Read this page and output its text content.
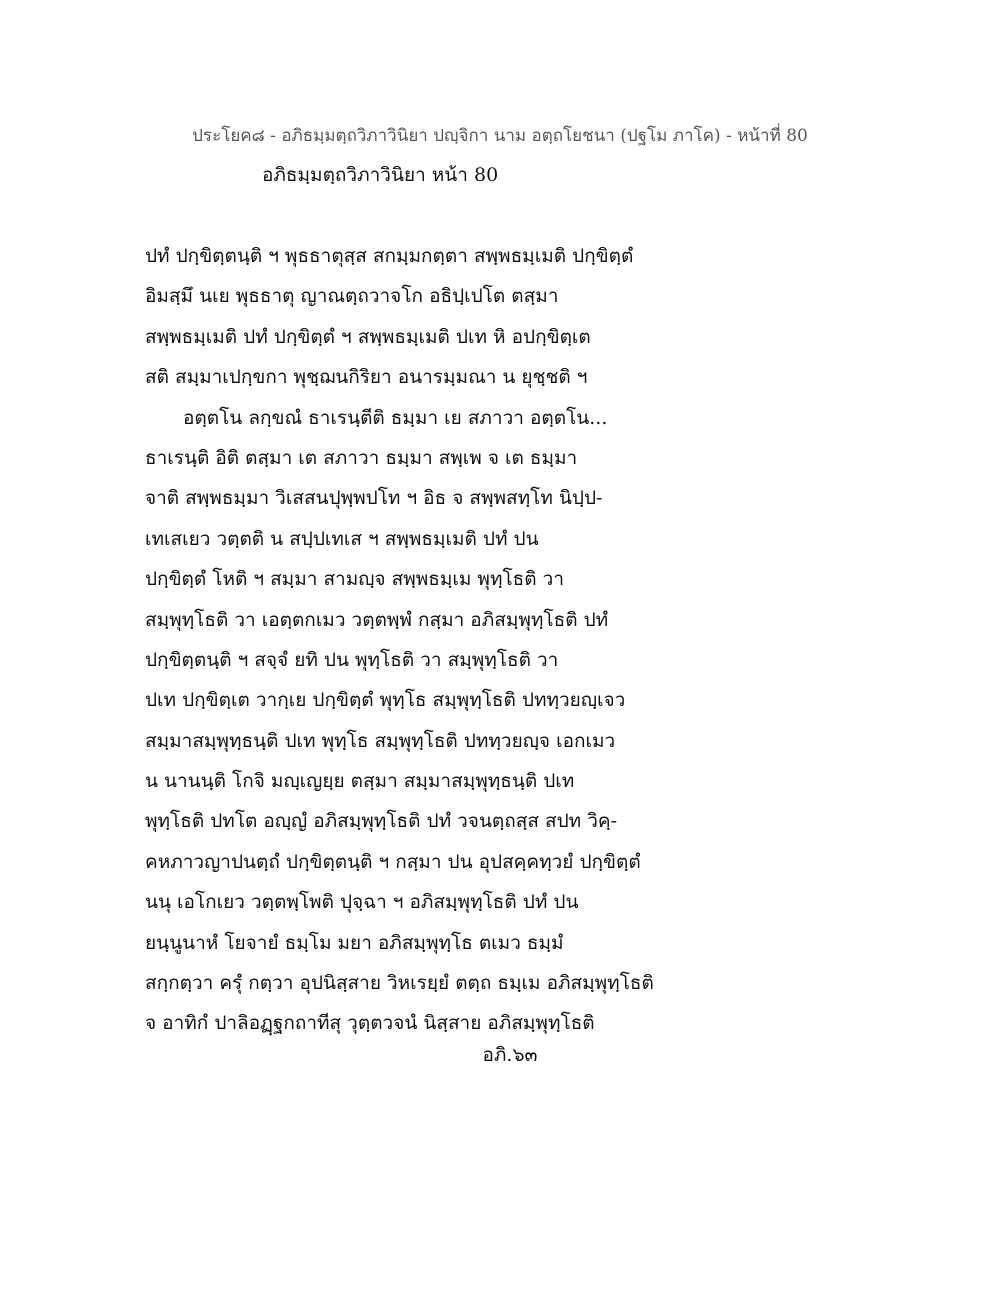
ประโยค๘ - อภิธมฺมตฺถวิภาวินิยา ปญฺจิกา นาม อตฺถโยชนา (ปฐโม ภาโค) - หน้าที่ 80
อภิธมฺมตฺถวิภาวินิยา หน้า 80
ปทํ ปกฺขิตฺตนฺติ ฯ พุธธาตุสฺส สกมฺมกตฺตา สพฺพธมฺเมติ ปกฺขิตฺตํ
อิมสฺมึ นเย พุธธาตุ ญาณตฺถวาจโก อธิปฺเปโต ตสฺมา
สพฺพธมฺเมติ ปทํ ปกฺขิตฺตํ ฯ สพฺพธมฺเมติ ปเท หิ อปกฺขิตฺเต
สติ สมฺมาเปกฺขกา พุชฺฌนกิริยา อนารมฺมณา น ยุชฺชติ ฯ
อตฺตโน ลกฺขณํ ธาเรนฺตีติ ธมฺมา เย สภาวา อตฺตโน...
ธาเรนฺติ อิติ ตสฺมา เต สภาวา ธมฺมา สพฺเพ จ เต ธมฺมา
จาติ สพฺพธมฺมา วิเสสนปุพฺพปโท ฯ อิธ จ สพฺพสทฺโท นิปฺป-
เทเสเยว วตฺตติ น สปฺปเทเส ฯ สพฺพธมฺเมติ ปทํ ปน
ปกฺขิตฺตํ โหติ ฯ สมฺมา สามญฺจ สพฺพธมฺเม พุทฺโธติ วา
สมฺพุทฺโธติ วา เอตฺตกเมว วตฺตพฺพํ กสฺมา อภิสมฺพุทฺโธติ ปทํ
ปกฺขิตฺตนฺติ ฯ สจฺจํ ยทิ ปน พุทฺโธติ วา สมฺพุทฺโธติ วา
ปเท ปกฺขิตฺเต วากฺเย ปกฺขิตฺตํ พุทฺโธ สมฺพุทฺโธติ ปททฺวยญฺเจว
สมฺมาสมฺพุทฺธนฺติ ปเท พุทฺโธ สมฺพุทฺโธติ ปททฺวยญฺจ เอกเมว
น นานนฺติ โกจิ มญฺเญยฺย ตสฺมา สมฺมาสมฺพุทฺธนฺติ ปเท
พุทฺโธติ ปทโต อญฺญํ อภิสมฺพุทฺโธติ ปทํ วจนตฺถสฺส สปท วิคฺ-
คหภาวญาปนตฺถํ ปกฺขิตฺตนฺติ ฯ กสฺมา ปน อุปสคฺคทฺวยํ ปกฺขิตฺตํ
นนุ เอโกเยว วตฺตพฺโพติ ปุจฺฉา ฯ อภิสมฺพุทฺโธติ ปทํ ปน
ยนฺนูนาหํ โยจายํ ธมฺโม มยา อภิสมฺพุทฺโธ ตเมว ธมฺมํ
สกฺกตฺวา ครุํ กตฺวา อุปนิสฺสาย วิหเรยฺยํ ตตฺถ ธมฺเม อภิสมฺพุทฺโธติ
จ อาทิกํ ปาลิอฏฺฐกถาทีสุ วุตฺตวจนํ นิสฺสาย อภิสมฺพุทฺโธติ
อภิ.๖๓
